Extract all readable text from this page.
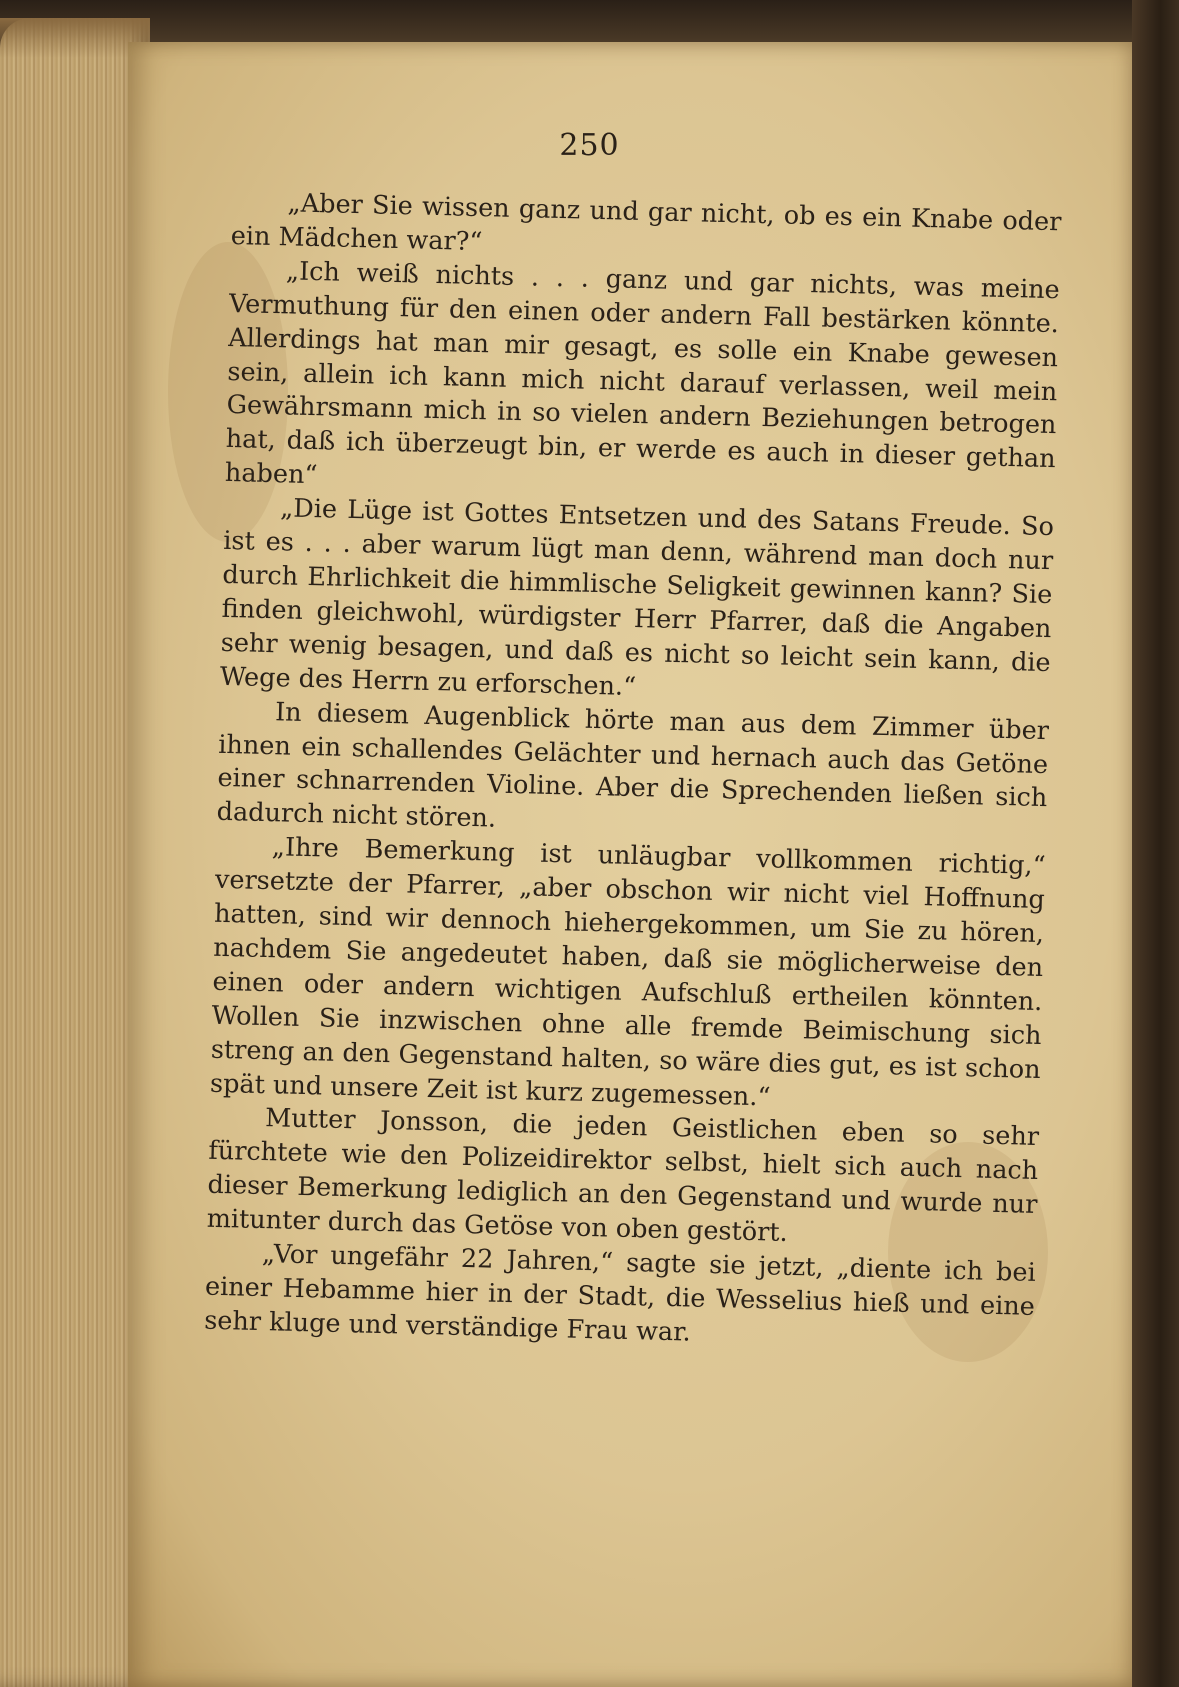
250

„Aber Sie wissen ganz und gar nicht, ob es ein Knabe oder ein Mädchen war?“

„Ich weiß nichts . . . ganz und gar nichts, was meine Vermuthung für den einen oder andern Fall bestärken könnte. Allerdings hat man mir gesagt, es solle ein Knabe gewesen sein, allein ich kann mich nicht darauf verlassen, weil mein Gewährsmann mich in so vielen andern Beziehungen betrogen hat, daß ich überzeugt bin, er werde es auch in dieser gethan haben“

„Die Lüge ist Gottes Entsetzen und des Satans Freude. So ist es . . . aber warum lügt man denn, während man doch nur durch Ehrlichkeit die himmlische Seligkeit gewinnen kann? Sie finden gleichwohl, würdigster Herr Pfarrer, daß die Angaben sehr wenig besagen, und daß es nicht so leicht sein kann, die Wege des Herrn zu erforschen.“

In diesem Augenblick hörte man aus dem Zimmer über ihnen ein schallendes Gelächter und hernach auch das Getöne einer schnarrenden Violine. Aber die Sprechenden ließen sich dadurch nicht stören.

„Ihre Bemerkung ist unläugbar vollkommen richtig,“ versetzte der Pfarrer, „aber obschon wir nicht viel Hoffnung hatten, sind wir dennoch hiehergekommen, um Sie zu hören, nachdem Sie angedeutet haben, daß sie möglicherweise den einen oder andern wichtigen Aufschluß ertheilen könnten. Wollen Sie inzwischen ohne alle fremde Beimischung sich streng an den Gegenstand halten, so wäre dies gut, es ist schon spät und unsere Zeit ist kurz zugemessen.“

Mutter Jonsson, die jeden Geistlichen eben so sehr fürchtete wie den Polizeidirektor selbst, hielt sich auch nach dieser Bemerkung lediglich an den Gegenstand und wurde nur mitunter durch das Getöse von oben gestört.

„Vor ungefähr 22 Jahren,“ sagte sie jetzt, „diente ich bei einer Hebamme hier in der Stadt, die Wesselius hieß und eine sehr kluge und verständige Frau war.
